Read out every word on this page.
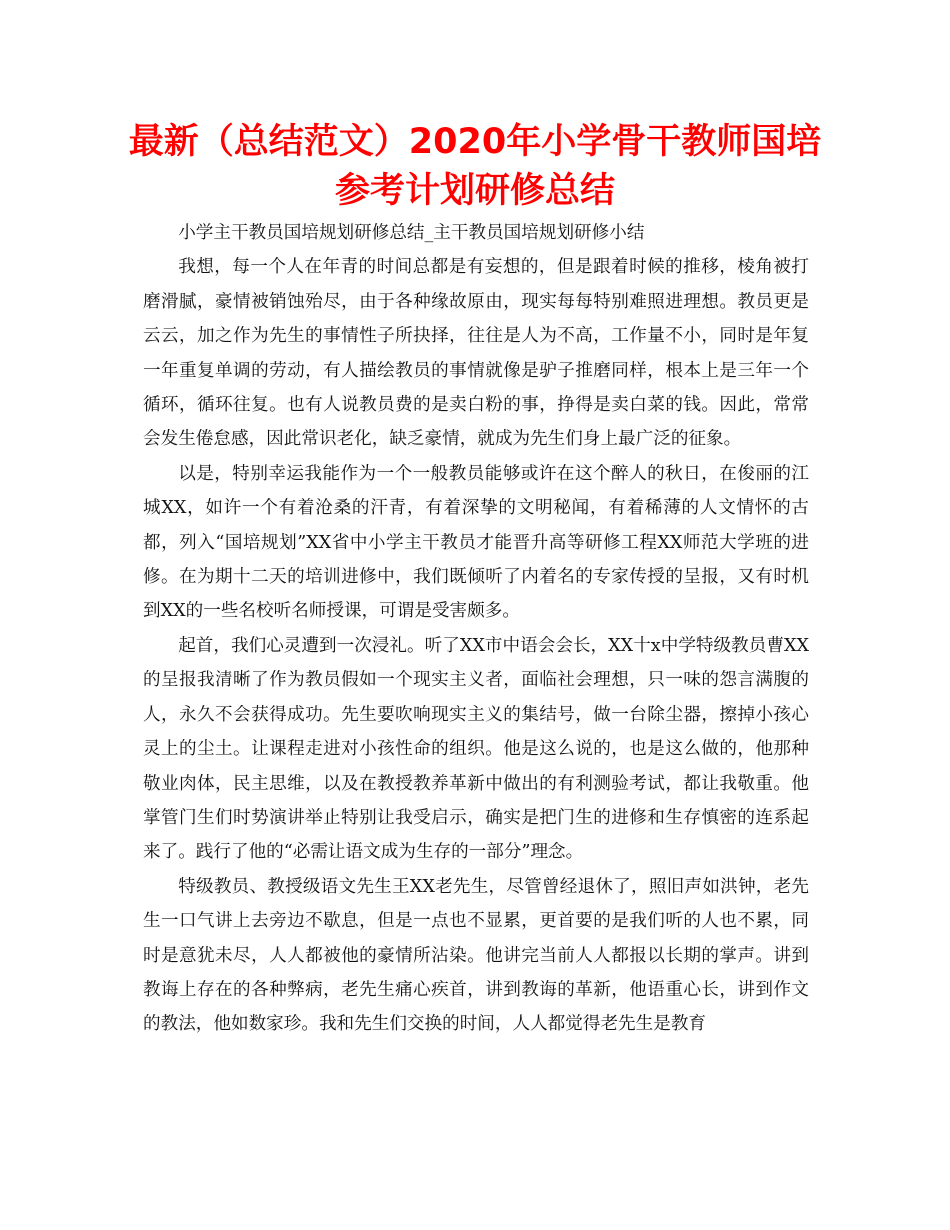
最新（总结范文）2020年小学骨干教师国培参考计划研修总结

小学主干教员国培规划研修总结_主干教员国培规划研修小结

我想，每一个人在年青的时间总都是有妄想的，但是跟着时候的推移，棱角被打磨滑腻，豪情被销蚀殆尽，由于各种缘故原由，现实每每特别难照进理想。教员更是云云，加之作为先生的事情性子所抉择，往往是人为不高，工作量不小，同时是年复一年重复单调的劳动，有人描绘教员的事情就像是驴子推磨同样，根本上是三年一个循环，循环往复。也有人说教员费的是卖白粉的事，挣得是卖白菜的钱。因此，常常会发生倦怠感，因此常识老化，缺乏豪情，就成为先生们身上最广泛的征象。

以是，特别幸运我能作为一个一般教员能够或许在这个醉人的秋日，在俊丽的江城XX，如许一个有着沧桑的汗青，有着深挚的文明秘闻，有着稀薄的人文情怀的古都，列入“国培规划”XX省中小学主干教员才能晋升高等研修工程XX师范大学班的进修。在为期十二天的培训进修中，我们既倾听了内着名的专家传授的呈报，又有时机到XX的一些名校听名师授课，可谓是受害颇多。

起首，我们心灵遭到一次浸礼。听了XX市中语会会长，XX十x中学特级教员曹XX的呈报我清晰了作为教员假如一个现实主义者，面临社会理想，只一味的怨言满腹的人，永久不会获得成功。先生要吹响现实主义的集结号，做一台除尘器，擦掉小孩心灵上的尘土。让课程走进对小孩性命的组织。他是这么说的，也是这么做的，他那种敬业肉体，民主思维，以及在教授教养革新中做出的有利测验考试，都让我敬重。他掌管门生们时势演讲举止特别让我受启示，确实是把门生的进修和生存慎密的连系起来了。践行了他的“必需让语文成为生存的一部分”理念。

特级教员、教授级语文先生王XX老先生，尽管曾经退休了，照旧声如洪钟，老先生一口气讲上去旁边不歇息，但是一点也不显累，更首要的是我们听的人也不累，同时是意犹未尽，人人都被他的豪情所沾染。他讲完当前人人都报以长期的掌声。讲到教诲上存在的各种弊病，老先生痛心疾首，讲到教诲的革新，他语重心长，讲到作文的教法，他如数家珍。我和先生们交换的时间，人人都觉得老先生是教育
